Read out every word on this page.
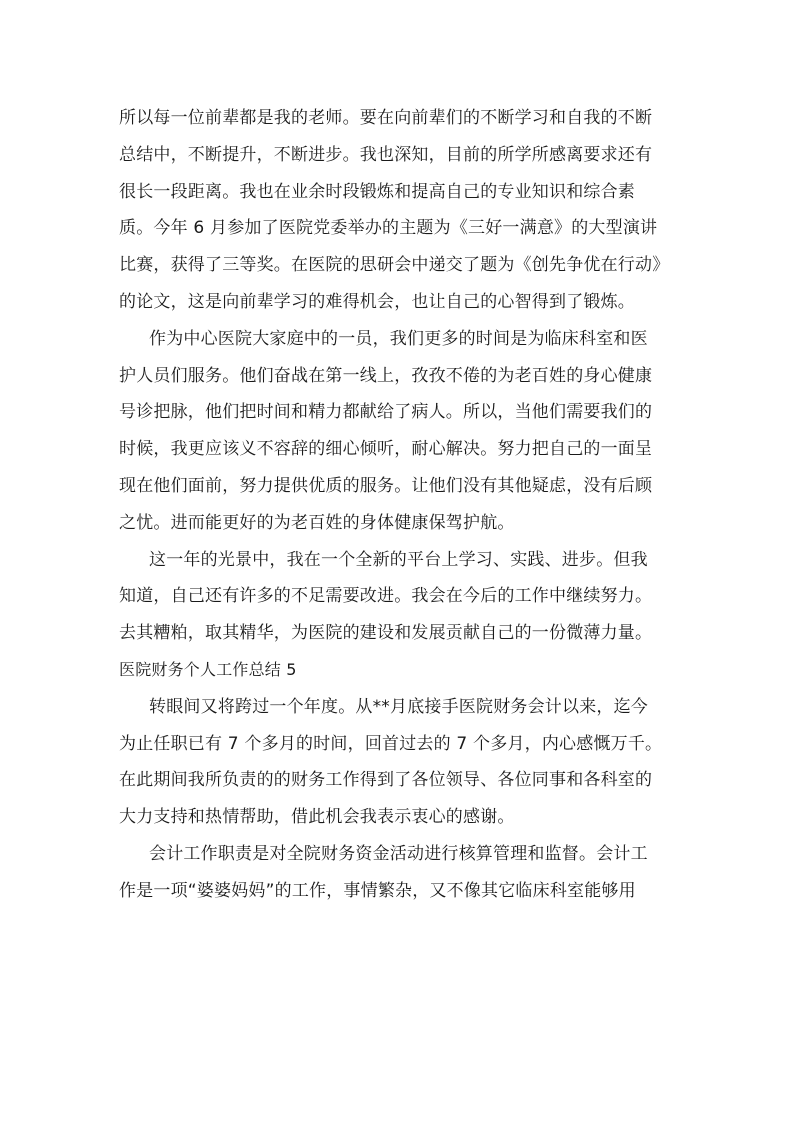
所以每一位前辈都是我的老师。要在向前辈们的不断学习和自我的不断
总结中，不断提升，不断进步。我也深知，目前的所学所感离要求还有
很长一段距离。我也在业余时段锻炼和提高自己的专业知识和综合素
质。今年 6 月参加了医院党委举办的主题为《三好一满意》的大型演讲
比赛，获得了三等奖。在医院的思研会中递交了题为《创先争优在行动》
的论文，这是向前辈学习的难得机会，也让自己的心智得到了锻炼。
作为中心医院大家庭中的一员，我们更多的时间是为临床科室和医
护人员们服务。他们奋战在第一线上，孜孜不倦的为老百姓的身心健康
号诊把脉，他们把时间和精力都献给了病人。所以，当他们需要我们的
时候，我更应该义不容辞的细心倾听，耐心解决。努力把自己的一面呈
现在他们面前，努力提供优质的服务。让他们没有其他疑虑，没有后顾
之忧。进而能更好的为老百姓的身体健康保驾护航。
这一年的光景中，我在一个全新的平台上学习、实践、进步。但我
知道，自己还有许多的不足需要改进。我会在今后的工作中继续努力。
去其糟粕，取其精华，为医院的建设和发展贡献自己的一份微薄力量。
医院财务个人工作总结 5
转眼间又将跨过一个年度。从**月底接手医院财务会计以来，迄今
为止任职已有 7 个多月的时间，回首过去的 7 个多月，内心感慨万千。
在此期间我所负责的的财务工作得到了各位领导、各位同事和各科室的
大力支持和热情帮助，借此机会我表示衷心的感谢。
会计工作职责是对全院财务资金活动进行核算管理和监督。会计工
作是一项“婆婆妈妈”的工作，事情繁杂，又不像其它临床科室能够用
